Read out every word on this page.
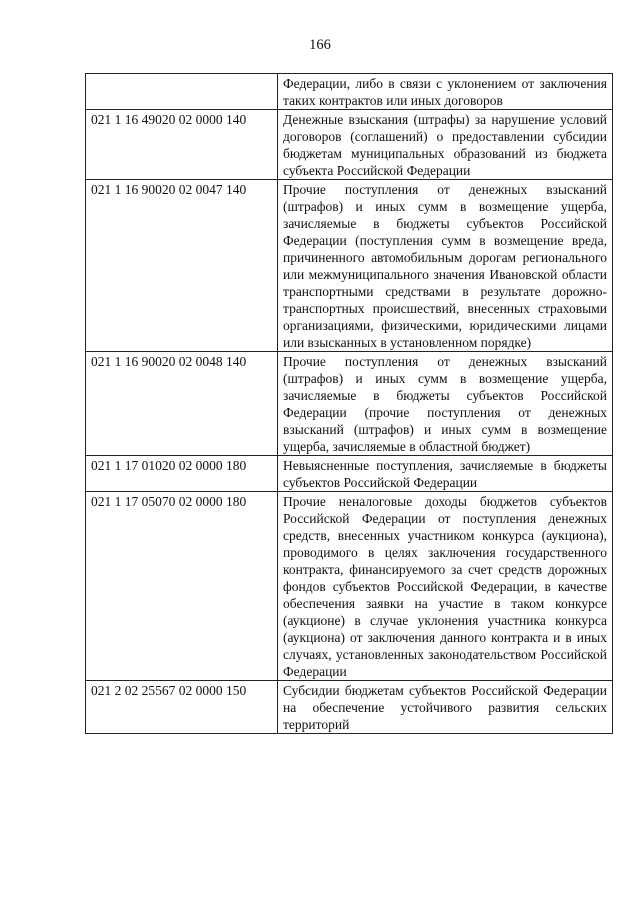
166
	Федерации, либо в связи с уклонением от заключения таких контрактов или иных договоров
021 1 16 49020 02 0000 140	Денежные взыскания (штрафы) за нарушение условий договоров (соглашений) о предоставлении субсидии бюджетам муниципальных образований из бюджета субъекта Российской Федерации
021 1 16 90020 02 0047 140	Прочие поступления от денежных взысканий (штрафов) и иных сумм в возмещение ущерба, зачисляемые в бюджеты субъектов Российской Федерации (поступления сумм в возмещение вреда, причиненного автомобильным дорогам регионального или межмуниципального значения Ивановской области транспортными средствами в результате дорожно-транспортных происшествий, внесенных страховыми организациями, физическими, юридическими лицами или взысканных в установленном порядке)
021 1 16 90020 02 0048 140	Прочие поступления от денежных взысканий (штрафов) и иных сумм в возмещение ущерба, зачисляемые в бюджеты субъектов Российской Федерации (прочие поступления от денежных взысканий (штрафов) и иных сумм в возмещение ущерба, зачисляемые в областной бюджет)
021 1 17 01020 02 0000 180	Невыясненные поступления, зачисляемые в бюджеты субъектов Российской Федерации
021 1 17 05070 02 0000 180	Прочие неналоговые доходы бюджетов субъектов Российской Федерации от поступления денежных средств, внесенных участником конкурса (аукциона), проводимого в целях заключения государственного контракта, финансируемого за счет средств дорожных фондов субъектов Российской Федерации, в качестве обеспечения заявки на участие в таком конкурсе (аукционе) в случае уклонения участника конкурса (аукциона) от заключения данного контракта и в иных случаях, установленных законодательством Российской Федерации
021 2 02 25567 02 0000 150	Субсидии бюджетам субъектов Российской Федерации на обеспечение устойчивого развития сельских территорий
